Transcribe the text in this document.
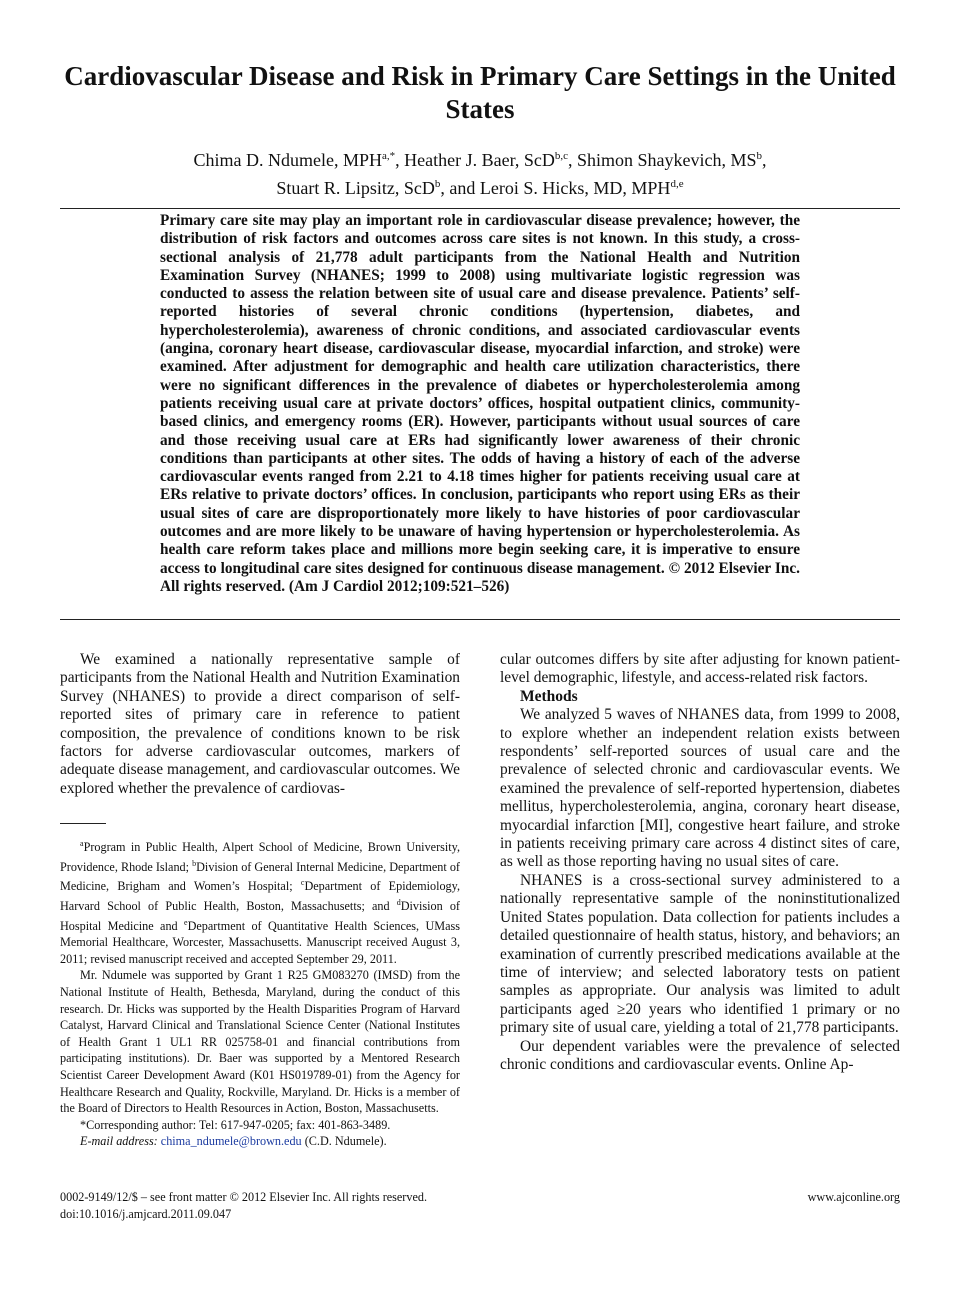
Cardiovascular Disease and Risk in Primary Care Settings in the United States

Chima D. Ndumele, $MPH^{a,*}$, Heather J. Baer, ScD$^{b,c}$, Shimon Shaykevich, $MS^b$,
Stuart R. Lipsitz, ScD$^b$, and Leroi S. Hicks, MD, MPH$^{d,e}$

Primary care site may play an important role in cardiovascular disease prevalence; however, the distribution of risk factors and outcomes across care sites is not known. In this study, a cross-sectional analysis of 21,778 adult participants from the National Health and Nutrition Examination Survey (NHANES; 1999 to 2008) using multivariate logistic regression was conducted to assess the relation between site of usual care and disease prevalence. Patients’ self-reported histories of several chronic conditions (hypertension, diabetes, and hypercholesterolemia), awareness of chronic conditions, and associated cardiovascular events (angina, coronary heart disease, cardiovascular disease, myocardial infarction, and stroke) were examined. After adjustment for demographic and health care utilization characteristics, there were no significant differences in the prevalence of diabetes or hypercholesterolemia among patients receiving usual care at private doctors’ offices, hospital outpatient clinics, community-based clinics, and emergency rooms (ER). However, participants without usual sources of care and those receiving usual care at ERs had significantly lower awareness of their chronic conditions than participants at other sites. The odds of having a history of each of the adverse cardiovascular events ranged from 2.21 to 4.18 times higher for patients receiving usual care at ERs relative to private doctors’ offices. In conclusion, participants who report using ERs as their usual sites of care are disproportionately more likely to have histories of poor cardiovascular outcomes and are more likely to be unaware of having hypertension or hypercholesterolemia. As health care reform takes place and millions more begin seeking care, it is imperative to ensure access to longitudinal care sites designed for continuous disease management. © 2012 Elsevier Inc. All rights reserved. (Am J Cardiol 2012;109:521–526)

We examined a nationally representative sample of participants from the National Health and Nutrition Examination Survey (NHANES) to provide a direct comparison of self-reported sites of primary care in reference to patient composition, the prevalence of conditions known to be risk factors for adverse cardiovascular outcomes, markers of adequate disease management, and cardiovascular outcomes. We explored whether the prevalence of cardiovas-

$^a$Program in Public Health, Alpert School of Medicine, Brown University, Providence, Rhode Island; $^b$Division of General Internal Medicine, Department of Medicine, Brigham and Women’s Hospital; $^c$Department of Epidemiology, Harvard School of Public Health, Boston, Massachusetts; and $^d$Division of Hospital Medicine and $^e$Department of Quantitative Health Sciences, UMass Memorial Healthcare, Worcester, Massachusetts. Manuscript received August 3, 2011; revised manuscript received and accepted September 29, 2011.

Mr. Ndumele was supported by Grant 1 R25 GM083270 (IMSD) from the National Institute of Health, Bethesda, Maryland, during the conduct of this research. Dr. Hicks was supported by the Health Disparities Program of Harvard Catalyst, Harvard Clinical and Translational Science Center (National Institutes of Health Grant 1 UL1 RR 025758-01 and financial contributions from participating institutions). Dr. Baer was supported by a Mentored Research Scientist Career Development Award (K01 HS019789-01) from the Agency for Healthcare Research and Quality, Rockville, Maryland. Dr. Hicks is a member of the Board of Directors to Health Resources in Action, Boston, Massachusetts.

*Corresponding author: Tel: 617-947-0205; fax: 401-863-3489.

E-mail address: chima_ndumele@brown.edu (C.D. Ndumele).

cular outcomes differs by site after adjusting for known patient-level demographic, lifestyle, and access-related risk factors.

Methods

We analyzed 5 waves of NHANES data, from 1999 to 2008, to explore whether an independent relation exists between respondents’ self-reported sources of usual care and the prevalence of selected chronic and cardiovascular events. We examined the prevalence of self-reported hypertension, diabetes mellitus, hypercholesterolemia, angina, coronary heart disease, myocardial infarction [MI], congestive heart failure, and stroke in patients receiving primary care across 4 distinct sites of care, as well as those reporting having no usual sites of care.

NHANES is a cross-sectional survey administered to a nationally representative sample of the noninstitutionalized United States population. Data collection for patients includes a detailed questionnaire of health status, history, and behaviors; an examination of currently prescribed medications available at the time of interview; and selected laboratory tests on patient samples as appropriate. Our analysis was limited to adult participants aged ≥20 years who identified 1 primary or no primary site of usual care, yielding a total of 21,778 participants.

Our dependent variables were the prevalence of selected chronic conditions and cardiovascular events. Online Ap-

0002-9149/12/$ – see front matter © 2012 Elsevier Inc. All rights reserved.
doi:10.1016/j.amjcard.2011.09.047
www.ajconline.org
